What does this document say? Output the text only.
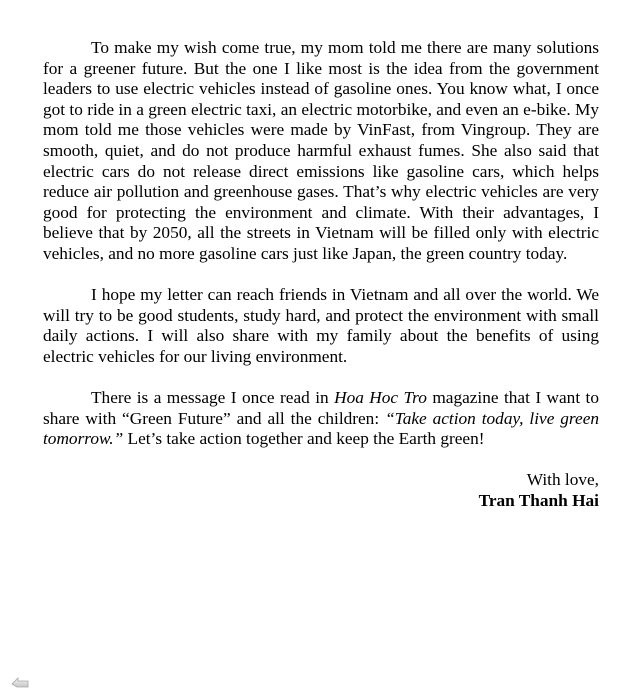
To make my wish come true, my mom told me there are many solutions for a greener future. But the one I like most is the idea from the government leaders to use electric vehicles instead of gasoline ones. You know what, I once got to ride in a green electric taxi, an electric motorbike, and even an e-bike. My mom told me those vehicles were made by VinFast, from Vingroup. They are smooth, quiet, and do not produce harmful exhaust fumes. She also said that electric cars do not release direct emissions like gasoline cars, which helps reduce air pollution and greenhouse gases. That’s why electric vehicles are very good for protecting the environment and climate. With their advantages, I believe that by 2050, all the streets in Vietnam will be filled only with electric vehicles, and no more gasoline cars just like Japan, the green country today.

I hope my letter can reach friends in Vietnam and all over the world. We will try to be good students, study hard, and protect the environment with small daily actions. I will also share with my family about the benefits of using electric vehicles for our living environment.

There is a message I once read in Hoa Hoc Tro magazine that I want to share with “Green Future” and all the children: “Take action today, live green tomorrow.” Let’s take action together and keep the Earth green!

With love,

Tran Thanh Hai
